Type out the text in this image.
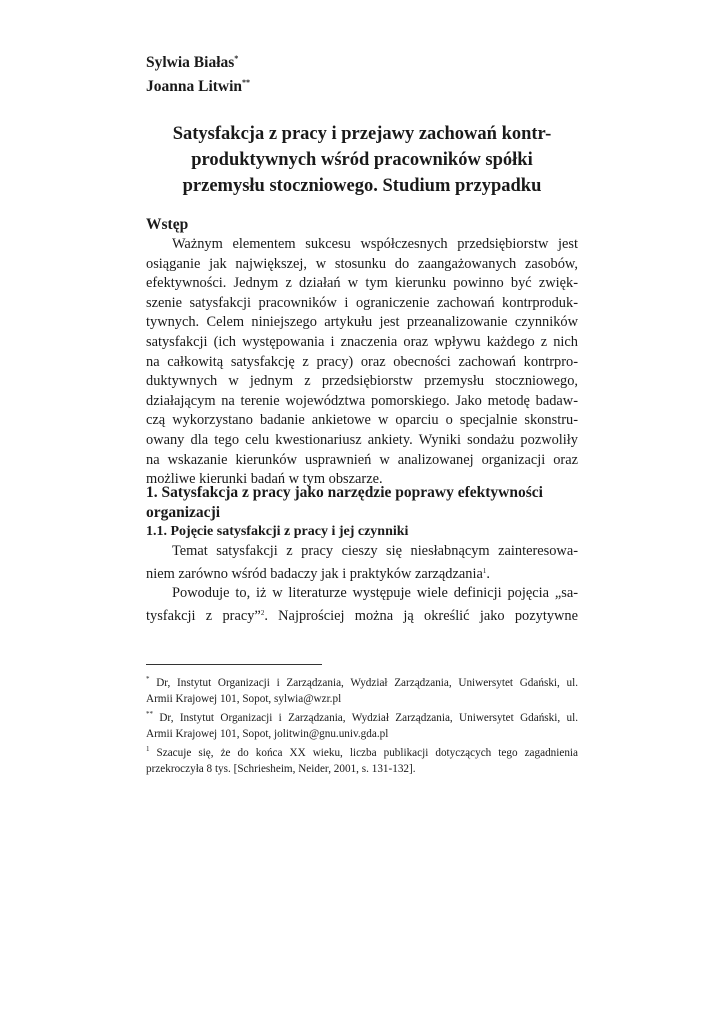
Sylwia Białas*
Joanna Litwin**
Satysfakcja z pracy i przejawy zachowań kontr-
produktywnych wśród pracowników spółki
przemysłu stoczniowego. Studium przypadku
Wstęp
Ważnym elementem sukcesu współczesnych przedsiębiorstw jest
osiąganie jak największej, w stosunku do zaangażowanych zasobów,
efektywności. Jednym z działań w tym kierunku powinno być zwięk-
szenie satysfakcji pracowników i ograniczenie zachowań kontrproduk-
tywnych. Celem niniejszego artykułu jest przeanalizowanie czynników
satysfakcji (ich występowania i znaczenia oraz wpływu każdego z nich
na całkowitą satysfakcję z pracy) oraz obecności zachowań kontrpro-
duktywnych w jednym z przedsiębiorstw przemysłu stoczniowego,
działającym na terenie województwa pomorskiego. Jako metodę badaw-
czą wykorzystano badanie ankietowe w oparciu o specjalnie skonstru-
owany dla tego celu kwestionariusz ankiety. Wyniki sondażu pozwoliły
na wskazanie kierunków usprawnień w analizowanej organizacji oraz
możliwe kierunki badań w tym obszarze.
1. Satysfakcja z pracy jako narzędzie poprawy efektywności
organizacji
1.1. Pojęcie satysfakcji z pracy i jej czynniki
Temat satysfakcji z pracy cieszy się niesłabnącym zainteresowa-
niem zarówno wśród badaczy jak i praktyków zarządzania$^1$.
Powoduje to, iż w literaturze występuje wiele definicji pojęcia „sa-
tysfakcji z pracy”$^2$. Najprościej można ją określić jako pozytywne
* Dr, Instytut Organizacji i Zarządzania, Wydział Zarządzania, Uniwersytet Gdański, ul.
Armii Krajowej 101, Sopot, sylwia@wzr.pl
** Dr, Instytut Organizacji i Zarządzania, Wydział Zarządzania, Uniwersytet Gdański, ul.
Armii Krajowej 101, Sopot, jolitwin@gnu.univ.gda.pl
$^1$ Szacuje się, że do końca XX wieku, liczba publikacji dotyczących tego zagadnienia
przekroczyła 8 tys. [Schriesheim, Neider, 2001, s. 131-132].
